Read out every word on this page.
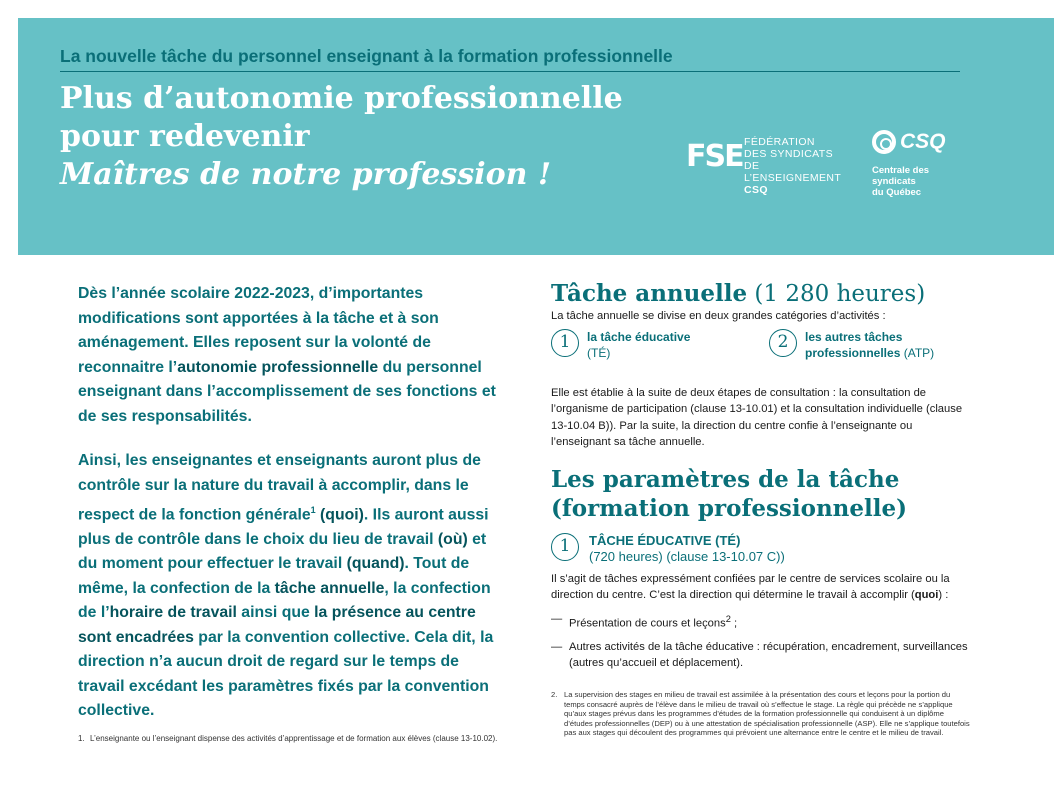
La nouvelle tâche du personnel enseignant à la formation professionnelle
Plus d’autonomie professionnelle
pour redevenir
Maîtres de notre profession !
FSE FÉDÉRATION
DES SYNDICATS
DE L’ENSEIGNEMENT
CSQ
CSQ
Centrale des syndicats
du Québec

Dès l’année scolaire 2022-2023, d’importantes modifications sont apportées à la tâche et à son aménagement. Elles reposent sur la volonté de reconnaitre l’autonomie professionnelle du personnel enseignant dans l’accomplissement de ses fonctions et de ses responsabilités.

Ainsi, les enseignantes et enseignants auront plus de contrôle sur la nature du travail à accomplir, dans le respect de la fonction générale$^1$ (quoi). Ils auront aussi plus de contrôle dans le choix du lieu de travail (où) et du moment pour effectuer le travail (quand). Tout de même, la confection de la tâche annuelle, la confection de l’horaire de travail ainsi que la présence au centre sont encadrées par la convention collective. Cela dit, la direction n’a aucun droit de regard sur le temps de travail excédant les paramètres fixés par la convention collective.

1. L’enseignante ou l’enseignant dispense des activités d’apprentissage et de formation aux élèves (clause 13-10.02).
Tâche annuelle (1 280 heures)
La tâche annuelle se divise en deux grandes catégories d’activités :
1	la tâche éducative
(TÉ)
2	les autres tâches
professionnelles (ATP)
Elle est établie à la suite de deux étapes de consultation : la consultation de l’organisme de participation (clause 13-10.01) et la consultation individuelle (clause 13-10.04 B)). Par la suite, la direction du centre confie à l’enseignante ou l’enseignant sa tâche annuelle.
Les paramètres de la tâche
(formation professionnelle)
1	TÂCHE ÉDUCATIVE (TÉ)
(720 heures) (clause 13-10.07 C))
Il s’agit de tâches expressément confiées par le centre de services scolaire ou la direction du centre. C’est la direction qui détermine le travail à accomplir (quoi) :
— Présentation de cours et leçons$^2$ ;
— Autres activités de la tâche éducative : récupération, encadrement, surveillances (autres qu’accueil et déplacement).
2. La supervision des stages en milieu de travail est assimilée à la présentation des cours et leçons pour la portion du temps consacré auprès de l’élève dans le milieu de travail où s’effectue le stage. La règle qui précède ne s’applique qu’aux stages prévus dans les programmes d’études de la formation professionnelle qui conduisent à un diplôme d’études professionnelles (DEP) ou à une attestation de spécialisation professionnelle (ASP). Elle ne s’applique toutefois pas aux stages qui découlent des programmes qui prévoient une alternance entre le centre et le milieu de travail.
